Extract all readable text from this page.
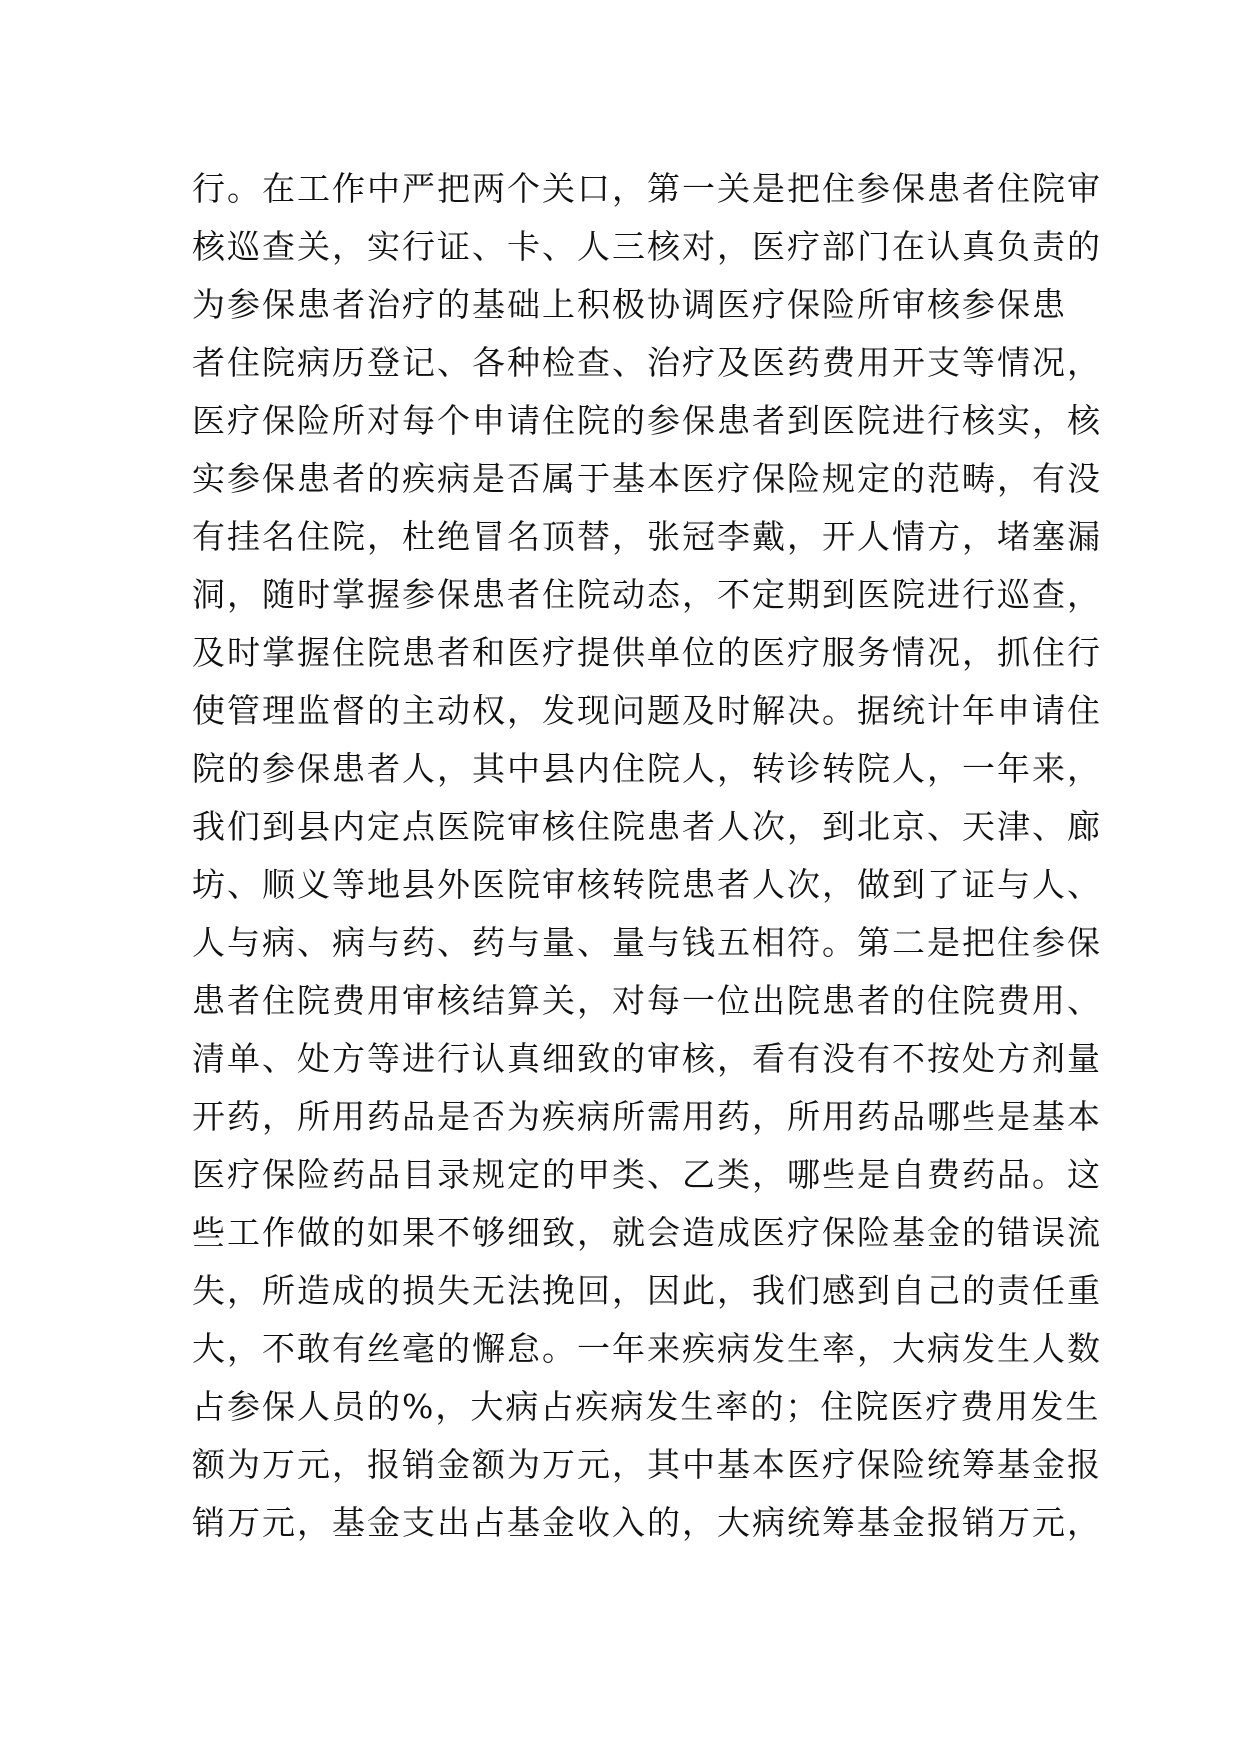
行 。 在 工 作 中 严 把 两 个 关 口 ， 第 一 关 是 把 住 参 保 患 者 住 院 审
核 巡 查 关 ， 实 行 证 、 卡 、 人 三 核 对 ， 医 疗 部 门 在 认 真 负 责 的
为 参 保 患 者 治 疗 的 基 础 上 积 极 协 调 医 疗 保 险 所 审 核 参 保 患
者 住 院 病 历 登 记 、 各 种 检 查 、 治 疗 及 医 药 费 用 开 支 等 情 况 ，
医 疗 保 险 所 对 每 个 申 请 住 院 的 参 保 患 者 到 医 院 进 行 核 实 ， 核
实 参 保 患 者 的 疾 病 是 否 属 于 基 本 医 疗 保 险 规 定 的 范 畴 ， 有 没
有 挂 名 住 院 ， 杜 绝 冒 名 顶 替 ， 张 冠 李 戴 ， 开 人 情 方 ， 堵 塞 漏
洞 ， 随 时 掌 握 参 保 患 者 住 院 动 态 ， 不 定 期 到 医 院 进 行 巡 查 ，
及 时 掌 握 住 院 患 者 和 医 疗 提 供 单 位 的 医 疗 服 务 情 况 ， 抓 住 行
使 管 理 监 督 的 主 动 权 ， 发 现 问 题 及 时 解 决 。 据 统 计 年 申 请 住
院 的 参 保 患 者 人 ， 其 中 县 内 住 院 人 ， 转 诊 转 院 人 ， 一 年 来 ，
我 们 到 县 内 定 点 医 院 审 核 住 院 患 者 人 次 ， 到 北 京 、 天 津 、 廊
坊 、 顺 义 等 地 县 外 医 院 审 核 转 院 患 者 人 次 ， 做 到 了 证 与 人 、
人 与 病 、 病 与 药 、 药 与 量 、 量 与 钱 五 相 符 。 第 二 是 把 住 参 保
患 者 住 院 费 用 审 核 结 算 关 ， 对 每 一 位 出 院 患 者 的 住 院 费 用 、
清 单 、 处 方 等 进 行 认 真 细 致 的 审 核 ， 看 有 没 有 不 按 处 方 剂 量
开 药 ， 所 用 药 品 是 否 为 疾 病 所 需 用 药 ， 所 用 药 品 哪 些 是 基 本
医 疗 保 险 药 品 目 录 规 定 的 甲 类 、 乙 类 ， 哪 些 是 自 费 药 品 。 这
些 工 作 做 的 如 果 不 够 细 致 ， 就 会 造 成 医 疗 保 险 基 金 的 错 误 流
失 ， 所 造 成 的 损 失 无 法 挽 回 ， 因 此 ， 我 们 感 到 自 己 的 责 任 重
大 ， 不 敢 有 丝 毫 的 懈 怠 。 一 年 来 疾 病 发 生 率 ， 大 病 发 生 人 数
占 参 保 人 员 的 % ， 大 病 占 疾 病 发 生 率 的 ； 住 院 医 疗 费 用 发 生
额 为 万 元 ， 报 销 金 额 为 万 元 ， 其 中 基 本 医 疗 保 险 统 筹 基 金 报
销 万 元 ， 基 金 支 出 占 基 金 收 入 的 ， 大 病 统 筹 基 金 报 销 万 元 ，
